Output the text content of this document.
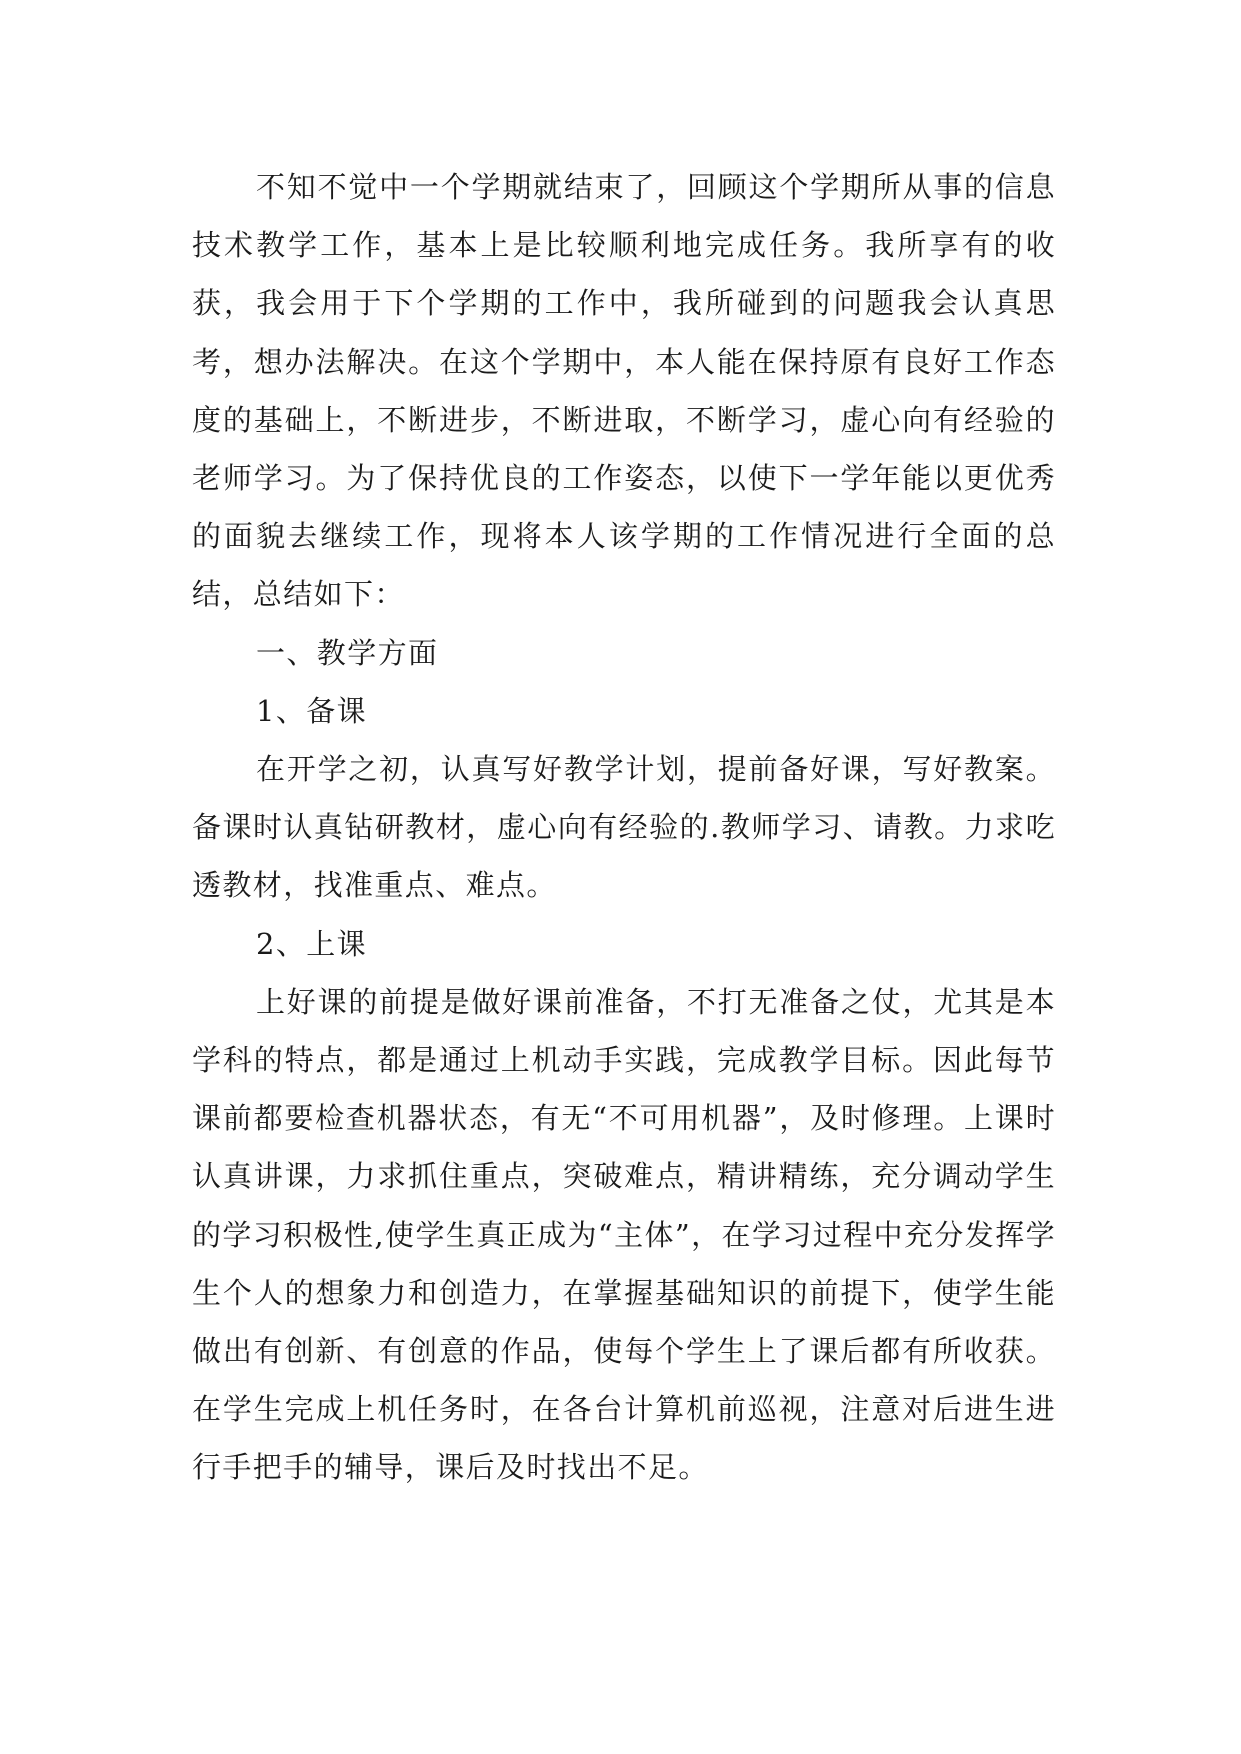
不知不觉中一个学期就结束了，回顾这个学期所从事的信息技术教学工作，基本上是比较顺利地完成任务。我所享有的收获，我会用于下个学期的工作中，我所碰到的问题我会认真思考，想办法解决。在这个学期中，本人能在保持原有良好工作态度的基础上，不断进步，不断进取，不断学习，虚心向有经验的老师学习。为了保持优良的工作姿态，以使下一学年能以更优秀的面貌去继续工作，现将本人该学期的工作情况进行全面的总结，总结如下：

一、教学方面

1、备课

在开学之初，认真写好教学计划，提前备好课，写好教案。备课时认真钻研教材，虚心向有经验的.教师学习、请教。力求吃透教材，找准重点、难点。

2、上课

上好课的前提是做好课前准备，不打无准备之仗，尤其是本学科的特点，都是通过上机动手实践，完成教学目标。因此每节课前都要检查机器状态，有无“不可用机器”，及时修理。上课时认真讲课，力求抓住重点，突破难点，精讲精练，充分调动学生的学习积极性,使学生真正成为“主体”，在学习过程中充分发挥学生个人的想象力和创造力，在掌握基础知识的前提下，使学生能做出有创新、有创意的作品，使每个学生上了课后都有所收获。在学生完成上机任务时，在各台计算机前巡视，注意对后进生进行手把手的辅导，课后及时找出不足。
